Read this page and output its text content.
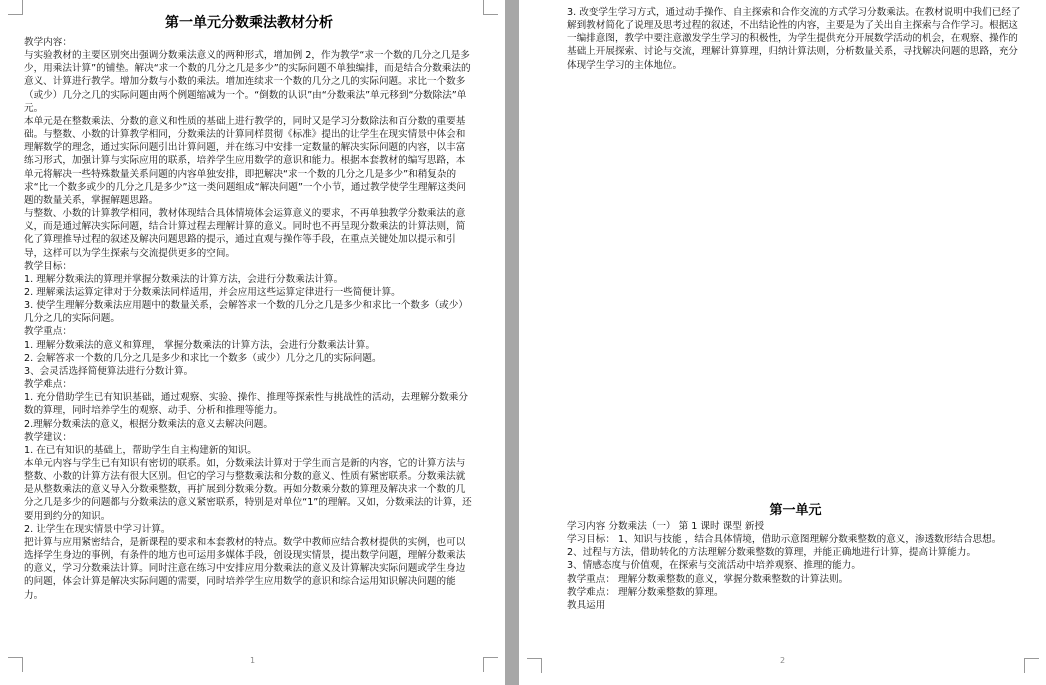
第一单元分数乘法教材分析
教学内容：
与实验教材的主要区别突出强调分数乘法意义的两种形式，增加例 2，作为教学“求一个数的几分之几是多少，用乘法计算”的铺垫。解决“求一个数的几分之几是多少”的实际问题不单独编排，而是结合分数乘法的意义、计算进行教学。增加分数与小数的乘法。增加连续求一个数的几分之几的实际问题。求比一个数多（或少）几分之几的实际问题由两个例题缩减为一个。“倒数的认识”由“分数乘法”单元移到“分数除法”单元。
本单元是在整数乘法、分数的意义和性质的基础上进行教学的，同时又是学习分数除法和百分数的重要基础。与整数、小数的计算教学相同，分数乘法的计算同样贯彻《标准》提出的让学生在现实情景中体会和理解数学的理念，通过实际问题引出计算问题，并在练习中安排一定数量的解决实际问题的内容，以丰富练习形式，加强计算与实际应用的联系，培养学生应用数学的意识和能力。根据本套教材的编写思路，本单元将解决一些特殊数量关系问题的内容单独安排，即把解决“求一个数的几分之几是多少”和稍复杂的求“比一个数多或少的几分之几是多少”这一类问题组成“解决问题”一个小节，通过教学使学生理解这类问题的数量关系，掌握解题思路。
与整数、小数的计算教学相同，教材体现结合具体情境体会运算意义的要求，不再单独教学分数乘法的意义，而是通过解决实际问题，结合计算过程去理解计算的意义。同时也不再呈现分数乘法的计算法则，简化了算理推导过程的叙述及解决问题思路的提示，通过直观与操作等手段，在重点关键处加以提示和引导，这样可以为学生探索与交流提供更多的空间。
教学目标：
1. 理解分数乘法的算理并掌握分数乘法的计算方法，会进行分数乘法计算。
2. 理解乘法运算定律对于分数乘法同样适用，并会应用这些运算定律进行一些简便计算。
3. 使学生理解分数乘法应用题中的数量关系，会解答求一个数的几分之几是多少和求比一个数多（或少）几分之几的实际问题。
教学重点：
1. 理解分数乘法的意义和算理， 掌握分数乘法的计算方法，会进行分数乘法计算。
2. 会解答求一个数的几分之几是多少和求比一个数多（或少）几分之几的实际问题。
3、会灵活选择简便算法进行分数计算。
教学难点：
1. 充分借助学生已有知识基础，通过观察、实验、操作、推理等探索性与挑战性的活动，去理解分数乘分数的算理，同时培养学生的观察、动手、分析和推理等能力。
2.理解分数乘法的意义，根据分数乘法的意义去解决问题。
教学建议：
1. 在已有知识的基础上，帮助学生自主构建新的知识。
本单元内容与学生已有知识有密切的联系。如，分数乘法计算对于学生而言是新的内容，它的计算方法与整数、小数的计算方法有很大区别。但它的学习与整数乘法和分数的意义、性质有紧密联系。分数乘法就是从整数乘法的意义导入分数乘整数，再扩展到分数乘分数。再如分数乘分数的算理及解决求一个数的几分之几是多少的问题都与分数乘法的意义紧密联系，特别是对单位“1”的理解。又如，分数乘法的计算，还要用到约分的知识。
2. 让学生在现实情景中学习计算。
把计算与应用紧密结合，是新课程的要求和本套教材的特点。数学中教师应结合教材提供的实例，也可以选择学生身边的事例，有条件的地方也可运用多媒体手段，创设现实情景，提出数学问题，理解分数乘法的意义，学习分数乘法计算。同时注意在练习中安排应用分数乘法的意义及计算解决实际问题或学生身边的问题，体会计算是解决实际问题的需要，同时培养学生应用数学的意识和综合运用知识解决问题的能力。
1
3. 改变学生学习方式，通过动手操作、自主探索和合作交流的方式学习分数乘法。在教材说明中我们已经了解到教材简化了说理及思考过程的叙述，不出结论性的内容，主要是为了关出自主探索与合作学习。根据这一编排意图，教学中要注意激发学生学习的积极性，为学生提供充分开展数学活动的机会，在观察、操作的基础上开展探索、讨论与交流，理解计算算理，归纳计算法则，分析数量关系，寻找解决问题的思路，充分体现学生学习的主体地位。
第一单元
学习内容 分数乘法（一） 第 1 课时 课型 新授
学习目标： 1、知识与技能 ，结合具体情境，借助示意图理解分数乘整数的意义，渗透数形结合思想。
2、过程与方法，借助转化的方法理解分数乘整数的算理，并能正确地进行计算，提高计算能力。
3、情感态度与价值观，在探索与交流活动中培养观察、推理的能力。
教学重点： 理解分数乘整数的意义，掌握分数乘整数的计算法则。
教学难点： 理解分数乘整数的算理。
教具运用
2
